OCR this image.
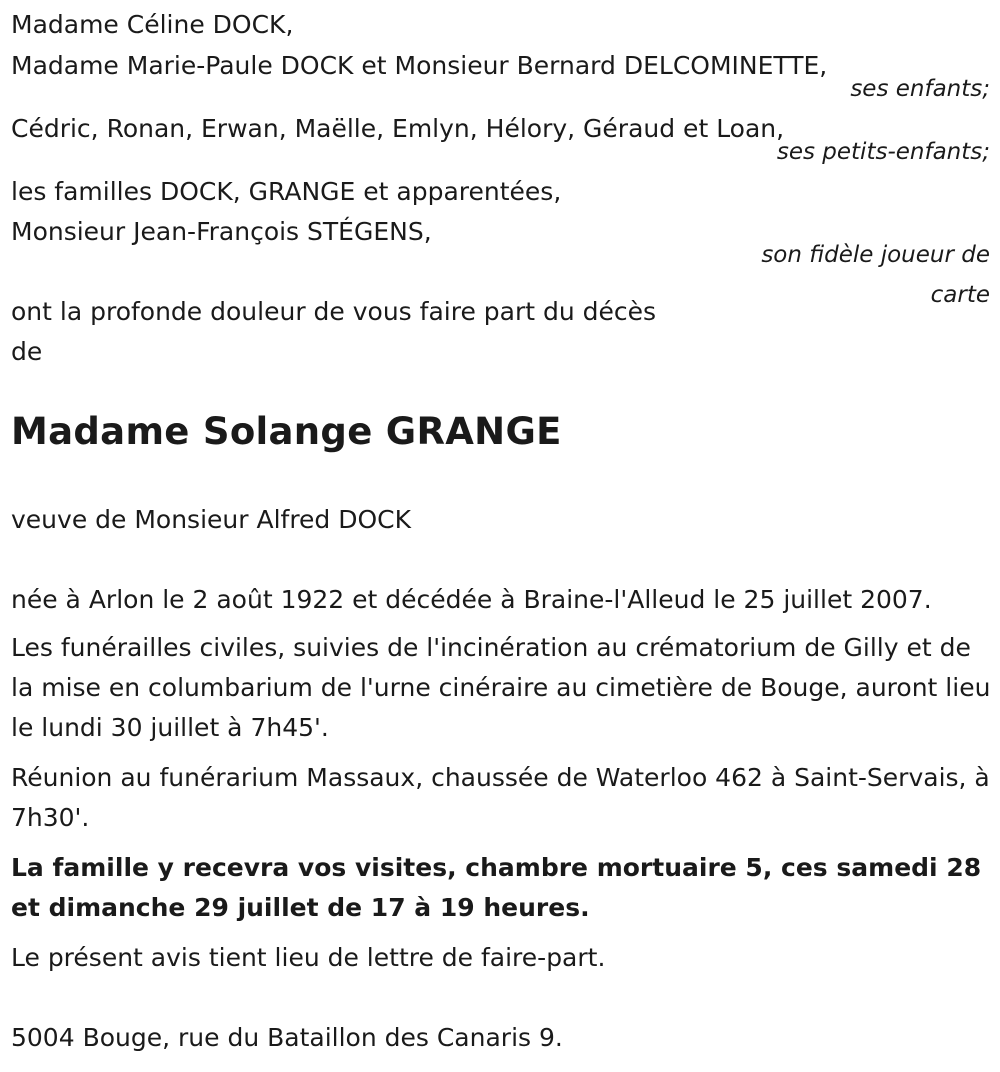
Madame Céline DOCK,
Madame Marie-Paule DOCK et Monsieur Bernard DELCOMINETTE,
ses enfants;
Cédric, Ronan, Erwan, Maëlle, Emlyn, Hélory, Géraud et Loan,
ses petits-enfants;
les familles DOCK, GRANGE et apparentées,
Monsieur Jean-François STÉGENS,
son fidèle joueur de
carte
ont la profonde douleur de vous faire part du décès
de
Madame Solange GRANGE
veuve de Monsieur Alfred DOCK
née à Arlon le 2 août 1922 et décédée à Braine-l'Alleud le 25 juillet 2007.
Les funérailles civiles, suivies de l'incinération au crématorium de Gilly et de la mise en columbarium de l'urne cinéraire au cimetière de Bouge, auront lieu le lundi 30 juillet à 7h45'.
Réunion au funérarium Massaux, chaussée de Waterloo 462 à Saint-Servais, à 7h30'.
La famille y recevra vos visites, chambre mortuaire 5, ces samedi 28 et dimanche 29 juillet de 17 à 19 heures.
Le présent avis tient lieu de lettre de faire-part.
5004 Bouge, rue du Bataillon des Canaris 9.
